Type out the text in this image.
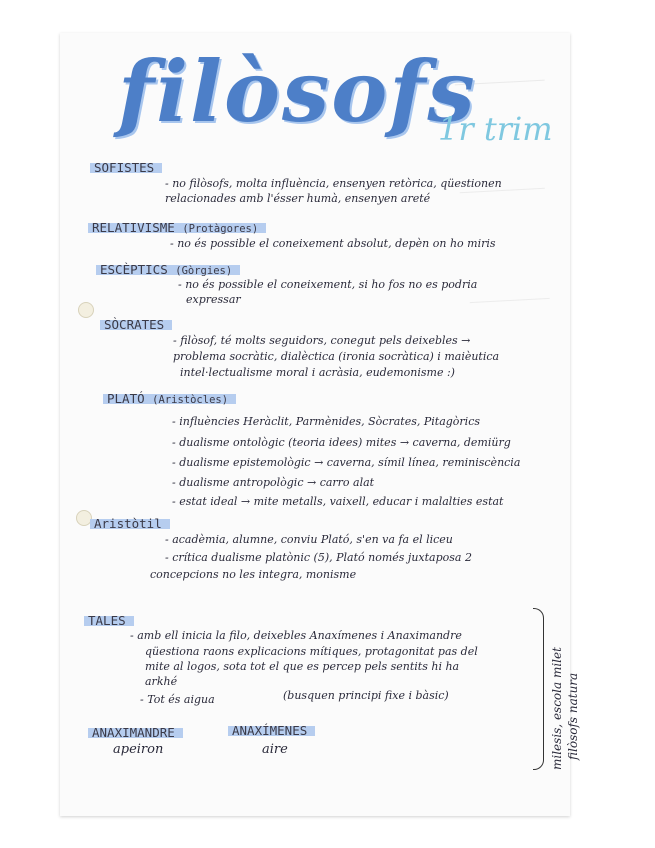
filòsofs
1r trim
SOFISTES
- no filòsofs, molta influència, ensenyen retòrica, qüestionen
relacionades amb l'ésser humà, ensenyen areté
RELATIVISME (Protàgores)
- no és possible el coneixement absolut, depèn on ho miris
ESCÈPTICS (Gòrgies)
- no és possible el coneixement, si ho fos no es podria
expressar
SÒCRATES
- filòsof, té molts seguidors, conegut pels deixebles →
problema socràtic, dialèctica (ironia socràtica) i maièutica
intel·lectualisme moral i acràsia, eudemonisme :)
PLATÓ (Aristòcles)
- influències Heràclit, Parmènides, Sòcrates, Pitagòrics
- dualisme ontològic (teoria idees) mites → caverna, demiürg
- dualisme epistemològic → caverna, símil línea, reminiscència
- dualisme antropològic → carro alat
- estat ideal → mite metalls, vaixell, educar i malalties estat
Aristòtil
- acadèmia, alumne, conviu Plató, s'en va fa el liceu
- crítica dualisme platònic (5), Plató només juxtaposa 2
concepcions no les integra, monisme
TALES
- amb ell inicia la filo, deixebles Anaxímenes i Anaximandre
qüestiona raons explicacions mítiques, protagonitat pas del
mite al logos, sota tot el que es percep pels sentits hi ha
arkhé
- Tot és aigua	(busquen principi fixe i bàsic)	milesis, escola milet filòsofs natura
ANAXIMANDRE
apeiron
ANAXÍMENES
aire
